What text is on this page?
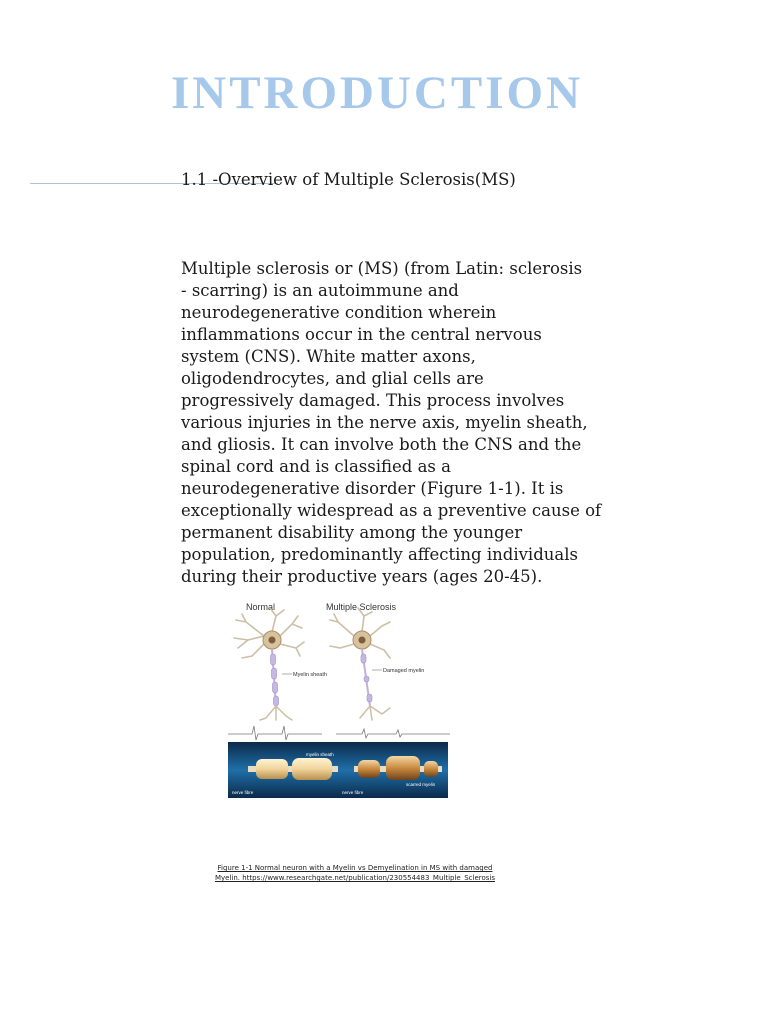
INTRODUCTION
1.1 -Overview of Multiple Sclerosis(MS)
Multiple sclerosis or (MS) (from Latin: sclerosis
- scarring) is an autoimmune and
neurodegenerative condition wherein
inflammations occur in the central nervous
system (CNS). White matter axons,
oligodendrocytes, and glial cells are
progressively damaged. This process involves
various injuries in the nerve axis, myelin sheath,
and gliosis. It can involve both the CNS and the
spinal cord and is classified as a
neurodegenerative disorder (Figure 1-1). It is
exceptionally widespread as a preventive cause of
permanent disability among the younger
population, predominantly affecting individuals
during their productive years (ages 20-45).
Normal	Multiple Sclerosis
Myelin sheath
Damaged myelin
myelin sheath
nerve fibre	nerve fibre
scarred myelin
Figure 1-1 Normal neuron with a Myelin vs Demyelination in MS with damaged
Myelin. https://www.researchgate.net/publication/230554483_Multiple_Sclerosis
